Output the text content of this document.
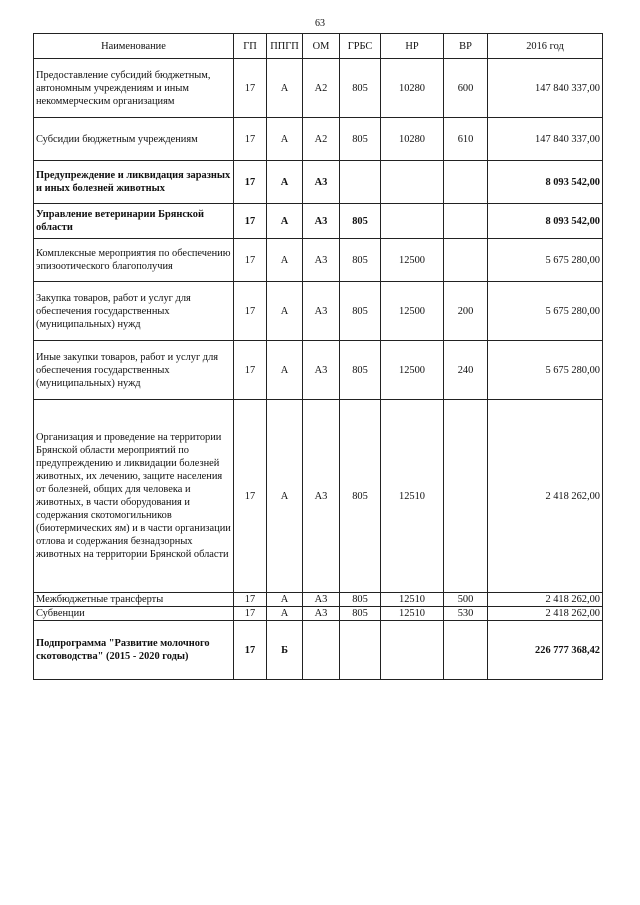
63
Наименование	ГП	ППГП	ОМ	ГРБС	НР	ВР	2016 год
Предоставление субсидий бюджетным, автономным учреждениям и иным некоммерческим организациям	17	А	А2	805	10280	600	147 840 337,00
Субсидии бюджетным учреждениям	17	А	А2	805	10280	610	147 840 337,00
Предупреждение и ликвидация заразных и иных болезней животных	17	А	А3				8 093 542,00
Управление ветеринарии Брянской области	17	А	А3	805			8 093 542,00
Комплексные мероприятия по обеспечению эпизоотического благополучия	17	А	А3	805	12500		5 675 280,00
Закупка товаров, работ и услуг для обеспечения государственных (муниципальных) нужд	17	А	А3	805	12500	200	5 675 280,00
Иные закупки товаров, работ и услуг для обеспечения государственных (муниципальных) нужд	17	А	А3	805	12500	240	5 675 280,00
Организация и проведение на территории Брянской области мероприятий по предупреждению и ликвидации болезней животных, их лечению, защите населения от болезней, общих для человека и животных, в части оборудования и содержания скотомогильников (биотермических ям) и в части организации отлова и содержания безнадзорных животных на территории Брянской области	17	А	А3	805	12510		2 418 262,00
Межбюджетные трансферты	17	А	А3	805	12510	500	2 418 262,00
Субвенции	17	А	А3	805	12510	530	2 418 262,00
Подпрограмма "Развитие молочного скотоводства" (2015 - 2020 годы)	17	Б					226 777 368,42
